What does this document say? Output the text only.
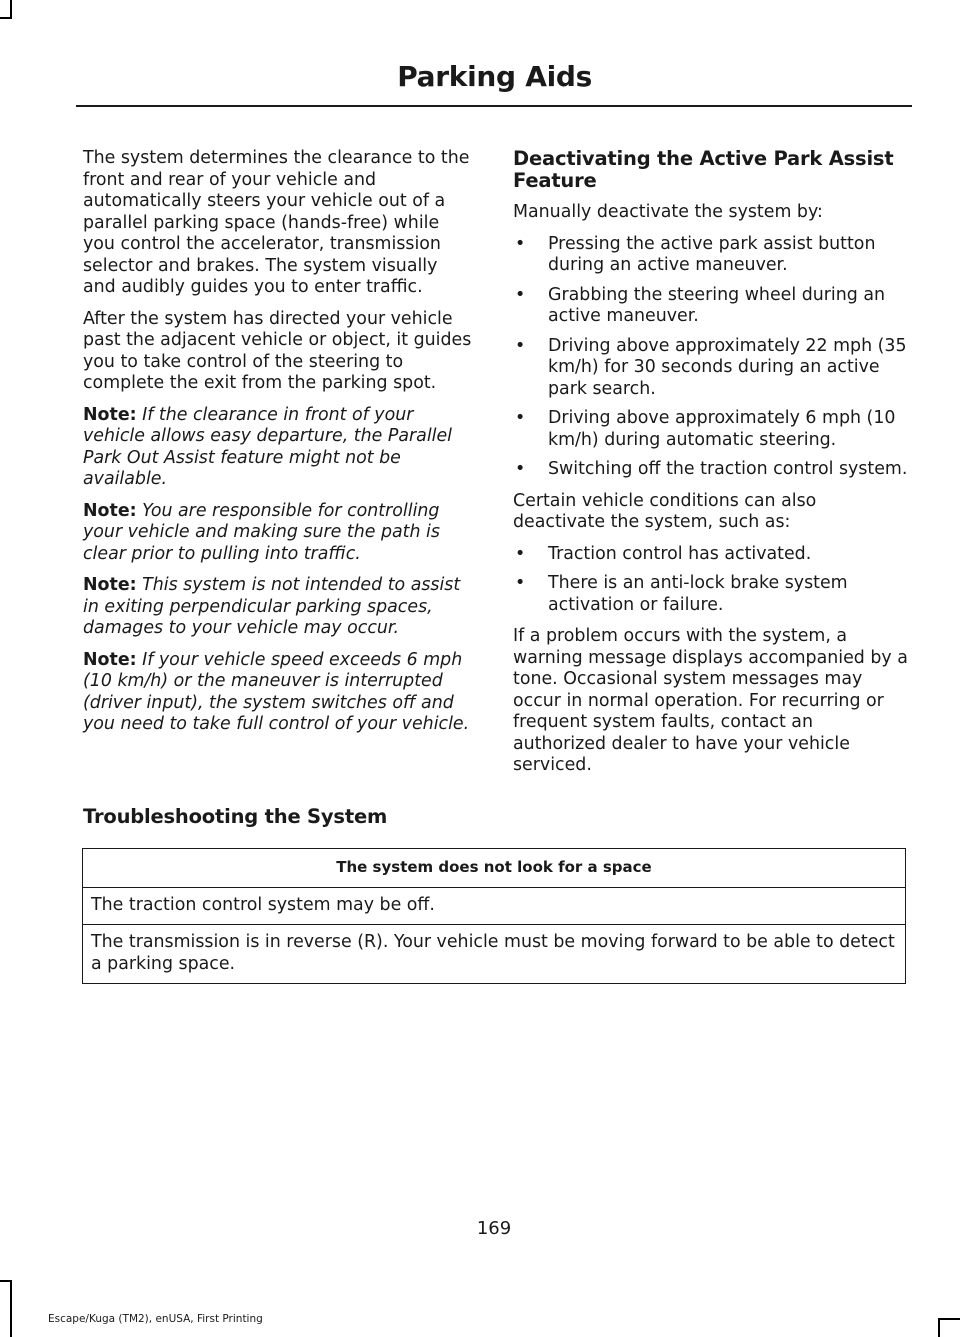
Parking Aids

The system determines the clearance to the front and rear of your vehicle and automatically steers your vehicle out of a parallel parking space (hands-free) while you control the accelerator, transmission selector and brakes. The system visually and audibly guides you to enter traffic.

After the system has directed your vehicle past the adjacent vehicle or object, it guides you to take control of the steering to complete the exit from the parking spot.

Note: If the clearance in front of your vehicle allows easy departure, the Parallel Park Out Assist feature might not be available.

Note: You are responsible for controlling your vehicle and making sure the path is clear prior to pulling into traffic.

Note: This system is not intended to assist in exiting perpendicular parking spaces, damages to your vehicle may occur.

Note: If your vehicle speed exceeds 6 mph (10 km/h) or the maneuver is interrupted (driver input), the system switches off and you need to take full control of your vehicle.

Deactivating the Active Park Assist Feature

Manually deactivate the system by:

• Pressing the active park assist button during an active maneuver.
• Grabbing the steering wheel during an active maneuver.
• Driving above approximately 22 mph (35 km/h) for 30 seconds during an active park search.
• Driving above approximately 6 mph (10 km/h) during automatic steering.
• Switching off the traction control system.

Certain vehicle conditions can also deactivate the system, such as:

• Traction control has activated.
• There is an anti-lock brake system activation or failure.

If a problem occurs with the system, a warning message displays accompanied by a tone. Occasional system messages may occur in normal operation. For recurring or frequent system faults, contact an authorized dealer to have your vehicle serviced.

Troubleshooting the System
The system does not look for a space
The traction control system may be off.
The transmission is in reverse (R). Your vehicle must be moving forward to be able to detect a parking space.
169
Escape/Kuga (TM2), enUSA, First Printing
